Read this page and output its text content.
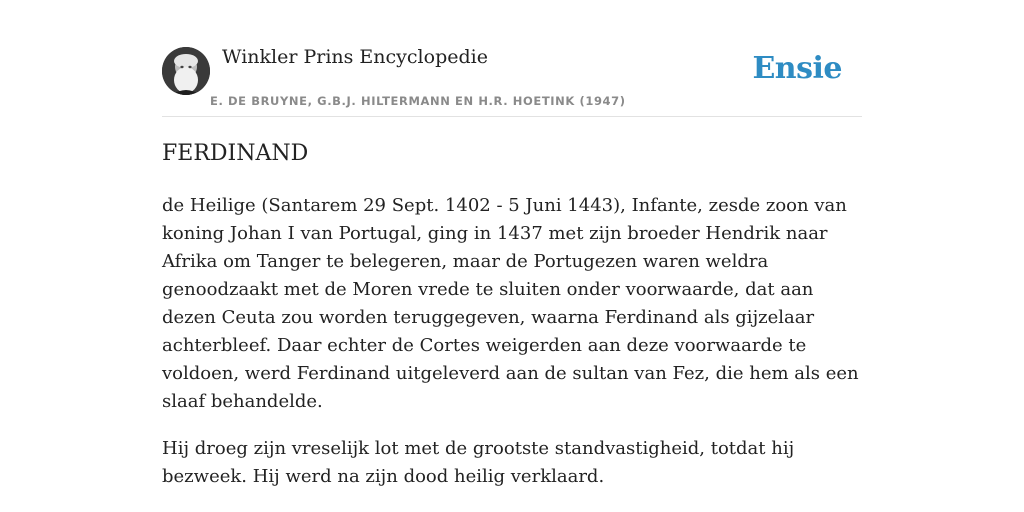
Winkler Prins Encyclopedie
E. DE BRUYNE, G.B.J. HILTERMANN EN H.R. HOETINK (1947)
Ensie
FERDINAND

de Heilige (Santarem 29 Sept. 1402 - 5 Juni 1443), Infante, zesde zoon van koning Johan I van Portugal, ging in 1437 met zijn broeder Hendrik naar Afrika om Tanger te belegeren, maar de Portugezen waren weldra genoodzaakt met de Moren vrede te sluiten onder voorwaarde, dat aan dezen Ceuta zou worden teruggegeven, waarna Ferdinand als gijzelaar achterbleef. Daar echter de Cortes weigerden aan deze voorwaarde te voldoen, werd Ferdinand uitgeleverd aan de sultan van Fez, die hem als een slaaf behandelde.

Hij droeg zijn vreselijk lot met de grootste standvastigheid, totdat hij bezweek. Hij werd na zijn dood heilig verklaard.
